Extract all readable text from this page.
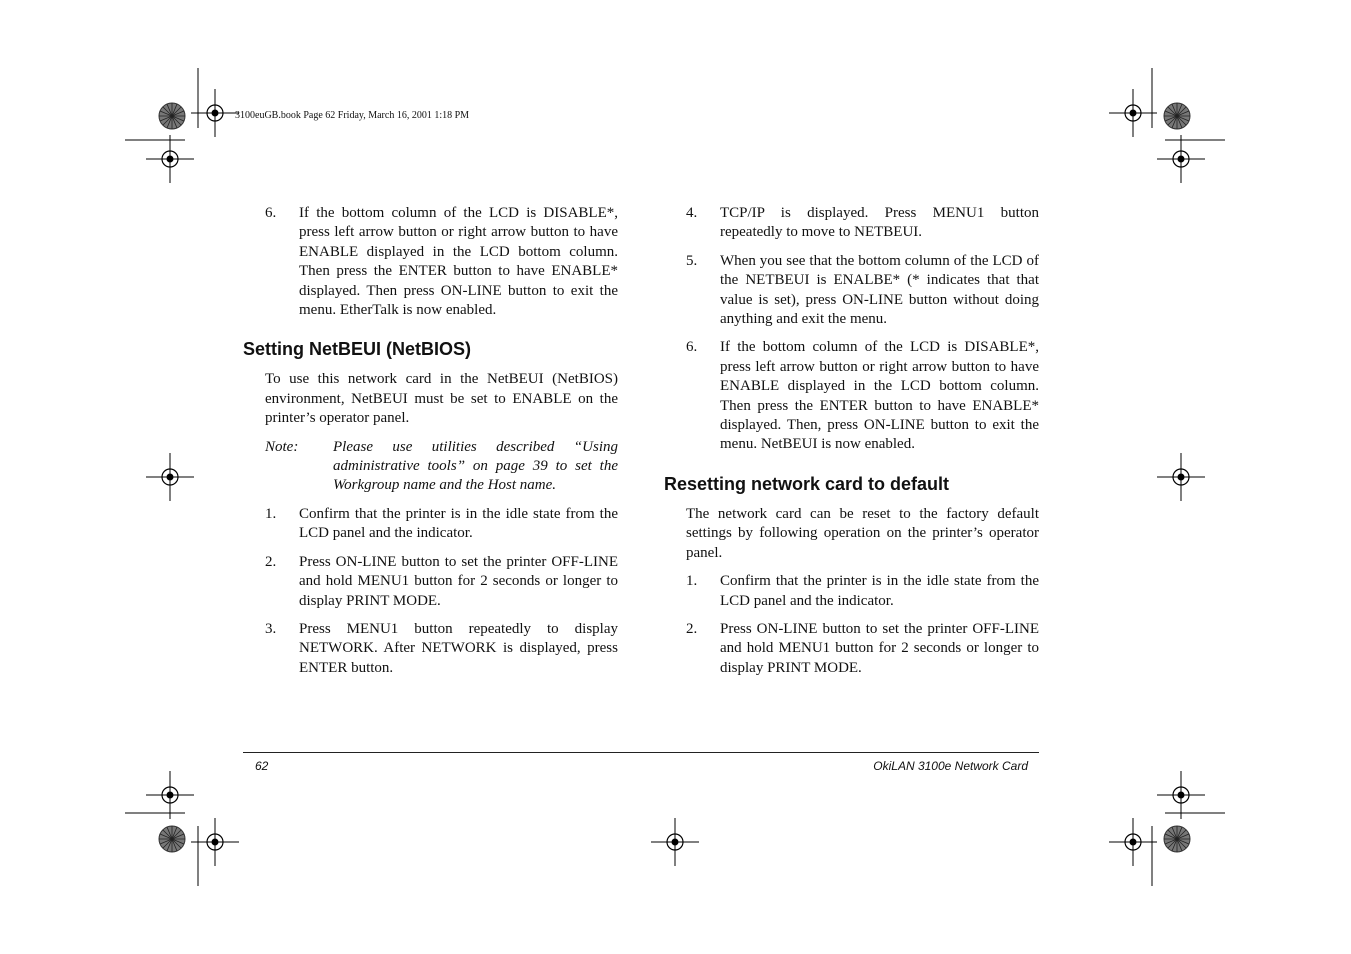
3100euGB.book Page 62 Friday, March 16, 2001 1:18 PM
6.	If the bottom column of the LCD is DISABLE*, press left arrow button or right arrow button to have ENABLE displayed in the LCD bottom column. Then press the ENTER button to have ENABLE* displayed. Then press ON-LINE button to exit the menu. EtherTalk is now enabled.
Setting NetBEUI (NetBIOS)
To use this network card in the NetBEUI (NetBIOS) environment, NetBEUI must be set to ENABLE on the printer’s operator panel.
Note:	Please use utilities described “Using administrative tools” on page 39 to set the Workgroup name and the Host name.
1.	Confirm that the printer is in the idle state from the LCD panel and the indicator.
2.	Press ON-LINE button to set the printer OFF-LINE and hold MENU1 button for 2 seconds or longer to display PRINT MODE.
3.	Press MENU1 button repeatedly to display NETWORK. After NETWORK is displayed, press ENTER button.
4.	TCP/IP is displayed. Press MENU1 button repeatedly to move to NETBEUI.
5.	When you see that the bottom column of the LCD of the NETBEUI is ENALBE* (* indicates that that value is set), press ON-LINE button without doing anything and exit the menu.
6.	If the bottom column of the LCD is DISABLE*, press left arrow button or right arrow button to have ENABLE displayed in the LCD bottom column. Then press the ENTER button to have ENABLE* displayed. Then, press ON-LINE button to exit the menu. NetBEUI is now enabled.
Resetting network card to default
The network card can be reset to the factory default settings by following operation on the printer’s operator panel.
1.	Confirm that the printer is in the idle state from the LCD panel and the indicator.
2.	Press ON-LINE button to set the printer OFF-LINE and hold MENU1 button for 2 seconds or longer to display PRINT MODE.
62	OkiLAN 3100e Network Card
